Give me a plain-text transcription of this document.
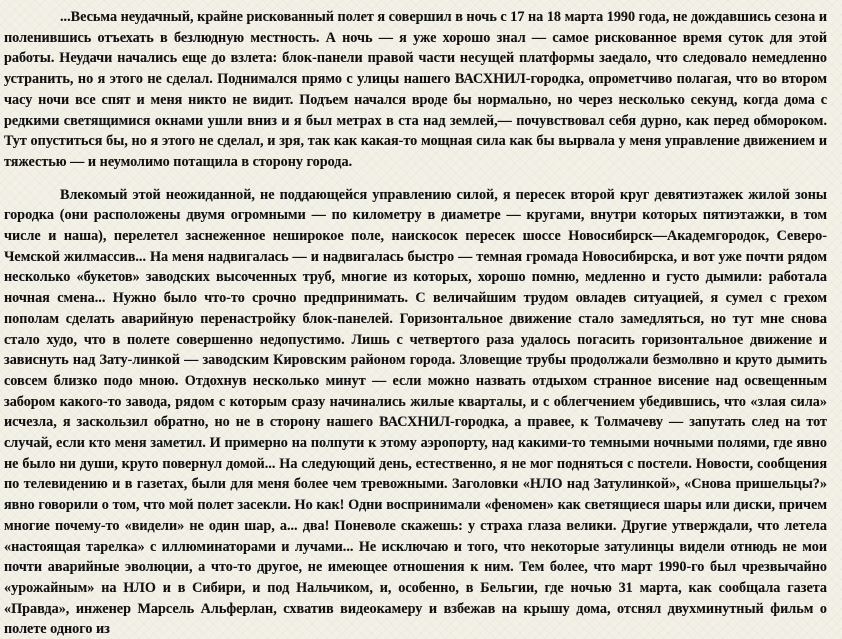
...Весьма неудачный, крайне рискованный полет я совершил в ночь с 17 на 18 марта 1990 года, не дождавшись сезона и поленившись отъехать в безлюдную местность. А ночь — я уже хорошо знал — самое рискованное время суток для этой работы. Неудачи начались еще до взлета: блок-панели правой части несущей платформы заедало, что следовало немедленно устранить, но я этого не сделал. Поднимался прямо с улицы нашего ВАСХНИЛ-городка, опрометчиво полагая, что во втором часу ночи все спят и меня никто не видит. Подъем начался вроде бы нормально, но через несколько секунд, когда дома с редкими светящимися окнами ушли вниз и я был метрах в ста над землей,— почувствовал себя дурно, как перед обмороком. Тут опуститься бы, но я этого не сделал, и зря, так как какая-то мощная сила как бы вырвала у меня управление движением и тяжестью — и неумолимо потащила в сторону города.

Влекомый этой неожиданной, не поддающейся управлению силой, я пересек второй круг девятиэтажек жилой зоны городка (они расположены двумя огромными — по километру в диаметре — кругами, внутри которых пятиэтажки, в том числе и наша), перелетел заснеженное неширокое поле, наискосок пересек шоссе Новосибирск—Академгородок, Северо-Чемской жилмассив... На меня надвигалась — и надвигалась быстро — темная громада Новосибирска, и вот уже почти рядом несколько «букетов» заводских высоченных труб, многие из которых, хорошо помню, медленно и густо дымили: работала ночная смена... Нужно было что-то срочно предпринимать. С величайшим трудом овладев ситуацией, я сумел с грехом пополам сделать аварийную перенастройку блок-панелей. Горизонтальное движение стало замедляться, но тут мне снова стало худо, что в полете совершенно недопустимо. Лишь с четвертого раза удалось погасить горизонтальное движение и зависнуть над Зату-линкой — заводским Кировским районом города. Зловещие трубы продолжали безмолвно и круто дымить совсем близко подо мною. Отдохнув несколько минут — если можно назвать отдыхом странное висение над освещенным забором какого-то завода, рядом с которым сразу начинались жилые кварталы, и с облегчением убедившись, что «злая сила» исчезла, я заскользил обратно, но не в сторону нашего ВАСХНИЛ-городка, а правее, к Толмачеву — запутать след на тот случай, если кто меня заметил. И примерно на полпути к этому аэропорту, над какими-то темными ночными полями, где явно не было ни души, круто повернул домой... На следующий день, естественно, я не мог подняться с постели. Новости, сообщения по телевидению и в газетах, были для меня более чем тревожными. Заголовки «НЛО над Затулинкой», «Снова пришельцы?» явно говорили о том, что мой полет засекли. Но как! Одни воспринимали «феномен» как светящиеся шары или диски, причем многие почему-то «видели» не один шар, а... два! Поневоле скажешь: у страха глаза велики. Другие утверждали, что летела «настоящая тарелка» с иллюминаторами и лучами... Не исключаю и того, что некоторые затулинцы видели отнюдь не мои почти аварийные эволюции, а что-то другое, не имеющее отношения к ним. Тем более, что март 1990-го был чрезвычайно «урожайным» на НЛО и в Сибири, и под Нальчиком, и, особенно, в Бельгии, где ночью 31 марта, как сообщала газета «Правда», инженер Марсель Альферлан, схватив видеокамеру и взбежав на крышу дома, отснял двухминутный фильм о полете одного из
